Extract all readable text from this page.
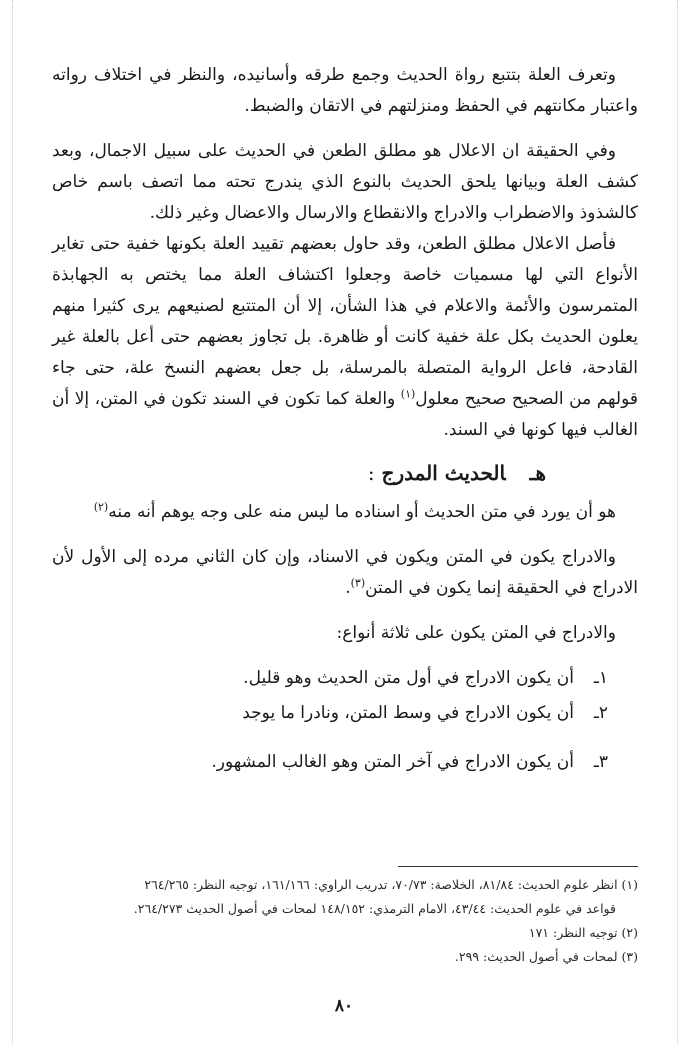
وتعرف العلة بتتبع رواة الحديث وجمع طرقه وأسانيده، والنظر في اختلاف رواته واعتبار مكانتهم في الحفظ ومنزلتهم في الاتقان والضبط.

وفي الحقيقة ان الاعلال هو مطلق الطعن في الحديث على سبيل الاجمال، وبعد كشف العلة وبيانها يلحق الحديث بالنوع الذي يندرج تحته مما اتصف باسم خاص كالشذوذ والاضطراب والادراج والانقطاع والارسال والاعضال وغير ذلك.

فأصل الاعلال مطلق الطعن، وقد حاول بعضهم تقييد العلة بكونها خفية حتى تغاير الأنواع التي لها مسميات خاصة وجعلوا اكتشاف العلة مما يختص به الجهابذة المتمرسون والأئمة والاعلام في هذا الشأن، إلا أن المتتبع لصنيعهم يرى كثيرا منهم يعلون الحديث بكل علة خفية كانت أو ظاهرة. بل تجاوز بعضهم حتى أعل بالعلة غير القادحة، فاعل الرواية المتصلة بالمرسلة، بل جعل بعضهم النسخ علة، حتى جاء قولهم من الصحيح صحيح معلول$^{(١)}$ والعلة كما تكون في السند تكون في المتن، إلا أن الغالب فيها كونها في السند.

هـالحديث المدرج :

هو أن يورد في متن الحديث أو اسناده ما ليس منه على وجه يوهم أنه منه$^{(٢)}$

والادراج يكون في المتن ويكون في الاسناد، وإن كان الثاني مرده إلى الأول لأن الادراج في الحقيقة إنما يكون في المتن$^{(٣)}$.

والادراج في المتن يكون على ثلاثة أنواع:

١ـ
أن يكون الادراج في أول متن الحديث وهو قليل.
٢ـ
أن يكون الادراج في وسط المتن، ونادرا ما يوجد
٣ـ
أن يكون الادراج في آخر المتن وهو الغالب المشهور.
(١) انظر علوم الحديث: ٨١/٨٤، الخلاصة: ٧٠/٧٣، تدريب الراوي: ١٦١/١٦٦، توجيه النظر: ٢٦٤/٢٦٥
قواعد في علوم الحديث: ٤٣/٤٤، الامام الترمذي: ١٤٨/١٥٢ لمحات في أصول الحديث ٢٦٤/٢٧٣.
(٢) توجيه النظر: ١٧١
(٣) لمحات في أصول الحديث: ٢٩٩.
٨٠
